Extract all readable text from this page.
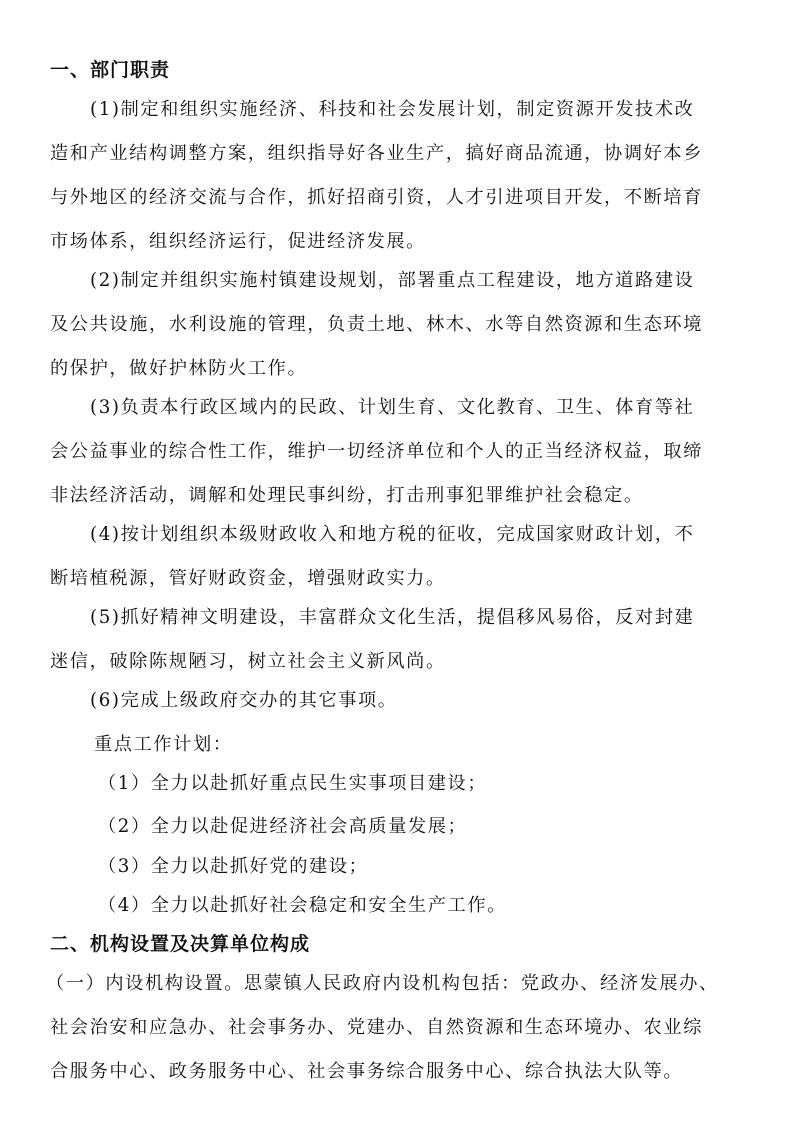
一、部门职责
(1)制定和组织实施经济、科技和社会发展计划，制定资源开发技术改
造和产业结构调整方案，组织指导好各业生产，搞好商品流通，协调好本乡
与外地区的经济交流与合作，抓好招商引资，人才引进项目开发，不断培育
市场体系，组织经济运行，促进经济发展。
(2)制定并组织实施村镇建设规划，部署重点工程建设，地方道路建设
及公共设施，水利设施的管理，负责土地、林木、水等自然资源和生态环境
的保护，做好护林防火工作。
(3)负责本行政区域内的民政、计划生育、文化教育、卫生、体育等社
会公益事业的综合性工作，维护一切经济单位和个人的正当经济权益，取缔
非法经济活动，调解和处理民事纠纷，打击刑事犯罪维护社会稳定。
(4)按计划组织本级财政收入和地方税的征收，完成国家财政计划，不
断培植税源，管好财政资金，增强财政实力。
(5)抓好精神文明建设，丰富群众文化生活，提倡移风易俗，反对封建
迷信，破除陈规陋习，树立社会主义新风尚。
(6)完成上级政府交办的其它事项。
重点工作计划：
（1）全力以赴抓好重点民生实事项目建设；
（2）全力以赴促进经济社会高质量发展；
（3）全力以赴抓好党的建设；
（4）全力以赴抓好社会稳定和安全生产工作。
二、机构设置及决算单位构成
（一）内设机构设置。思蒙镇人民政府内设机构包括：党政办、经济发展办、
社会治安和应急办、社会事务办、党建办、自然资源和生态环境办、农业综
合服务中心、政务服务中心、社会事务综合服务中心、综合执法大队等。
